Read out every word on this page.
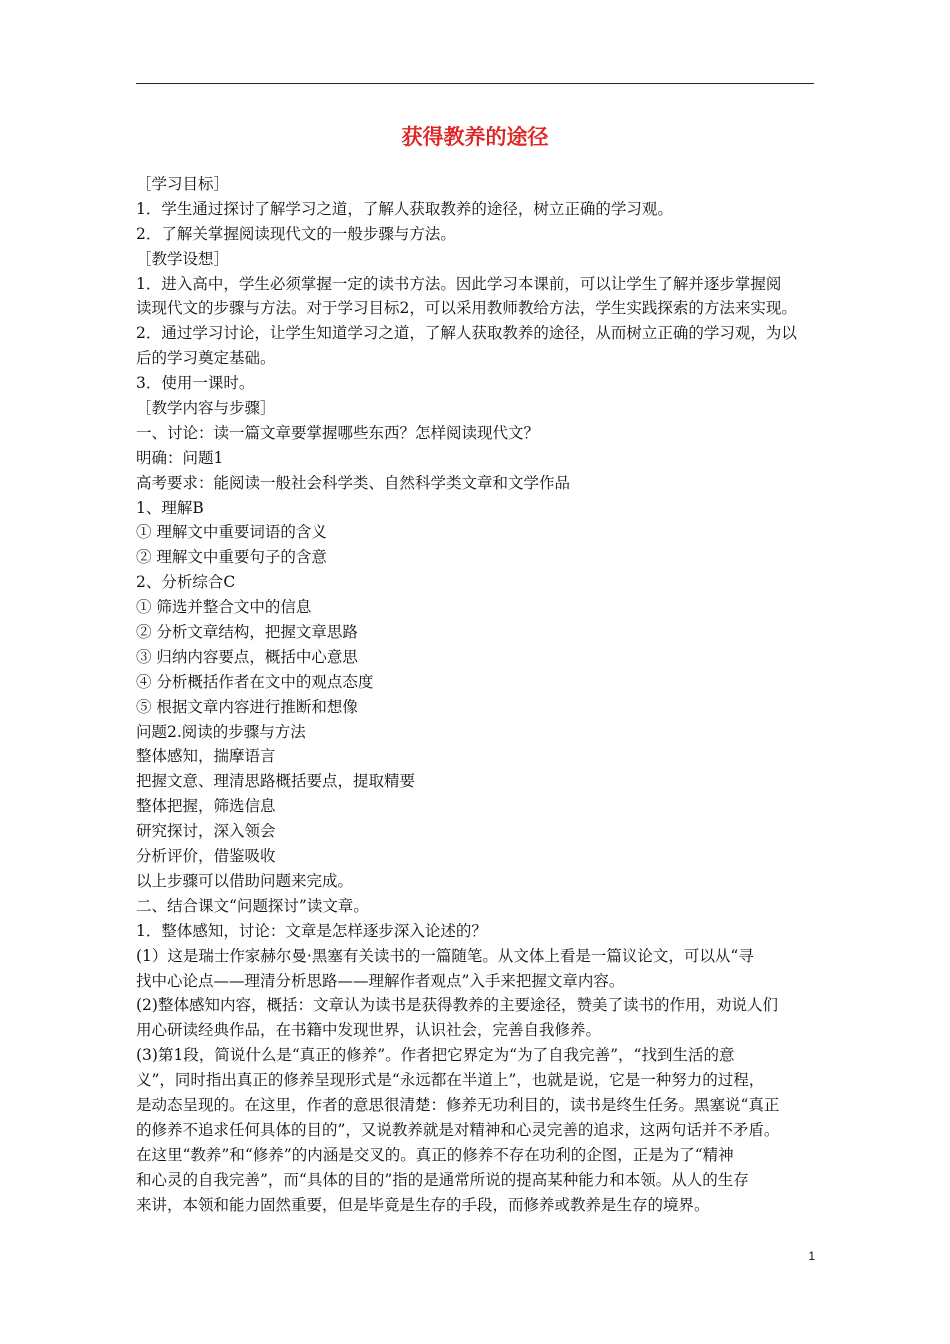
获得教养的途径
［学习目标］
1．学生通过探讨了解学习之道，了解人获取教养的途径，树立正确的学习观。
2．了解关掌握阅读现代文的一般步骤与方法。
［教学设想］
1．进入高中，学生必须掌握一定的读书方法。因此学习本课前，可以让学生了解并逐步掌握阅
读现代文的步骤与方法。对于学习目标2，可以采用教师教给方法，学生实践探索的方法来实现。
2．通过学习讨论，让学生知道学习之道，了解人获取教养的途径，从而树立正确的学习观，为以
后的学习奠定基础。
3．使用一课时。
［教学内容与步骤］
一、讨论：读一篇文章要掌握哪些东西？怎样阅读现代文？
明确：问题1
高考要求：能阅读一般社会科学类、自然科学类文章和文学作品
1、理解B
① 理解文中重要词语的含义
② 理解文中重要句子的含意
2、分析综合C
① 筛选并整合文中的信息
② 分析文章结构，把握文章思路
③ 归纳内容要点，概括中心意思
④ 分析概括作者在文中的观点态度
⑤ 根据文章内容进行推断和想像
问题2.阅读的步骤与方法
整体感知，揣摩语言
把握文意、理清思路概括要点，提取精要
整体把握，筛选信息
研究探讨，深入领会
分析评价，借鉴吸收
以上步骤可以借助问题来完成。
二、结合课文“问题探讨”读文章。
1．整体感知，讨论：文章是怎样逐步深入论述的？
(1）这是瑞士作家赫尔曼·黑塞有关读书的一篇随笔。从文体上看是一篇议论文，可以从“寻
找中心论点——理清分析思路——理解作者观点”入手来把握文章内容。
(2)整体感知内容，概括：文章认为读书是获得教养的主要途径，赞美了读书的作用，劝说人们
用心研读经典作品，在书籍中发现世界，认识社会，完善自我修养。
(3)第1段，简说什么是“真正的修养”。作者把它界定为“为了自我完善”，“找到生活的意
义”，同时指出真正的修养呈现形式是“永远都在半道上”，也就是说，它是一种努力的过程，
是动态呈现的。在这里，作者的意思很清楚：修养无功利目的，读书是终生任务。黑塞说“真正
的修养不追求任何具体的目的”，又说教养就是对精神和心灵完善的追求，这两句话并不矛盾。
在这里“教养”和“修养”的内涵是交叉的。真正的修养不存在功利的企图，正是为了“精神
和心灵的自我完善”，而“具体的目的”指的是通常所说的提高某种能力和本领。从人的生存
来讲，本领和能力固然重要，但是毕竟是生存的手段，而修养或教养是生存的境界。
1
